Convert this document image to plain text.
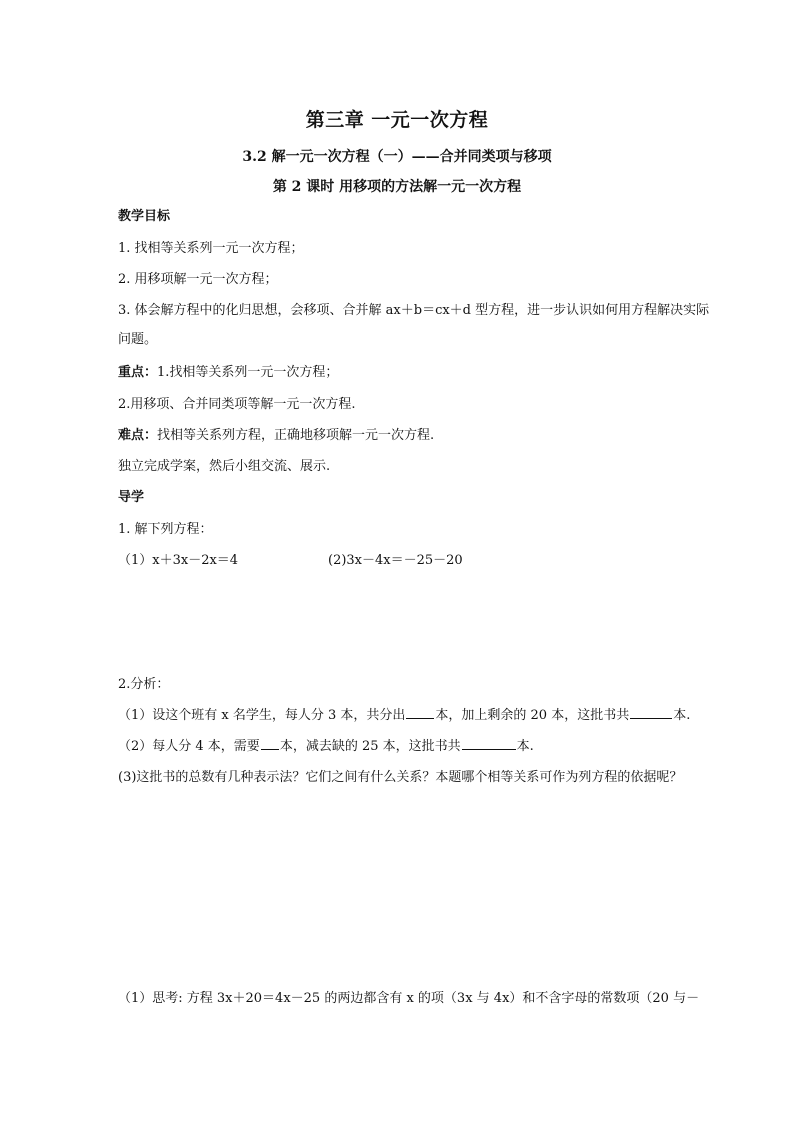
第三章 一元一次方程
3.2 解一元一次方程（一）——合并同类项与移项
第 2 课时 用移项的方法解一元一次方程
教学目标
1. 找相等关系列一元一次方程；
2. 用移项解一元一次方程；
3. 体会解方程中的化归思想，会移项、合并解 ax＋b＝cx＋d 型方程，进一步认识如何用方程解决实际问题。
重点：1.找相等关系列一元一次方程；
2.用移项、合并同类项等解一元一次方程.
难点：找相等关系列方程，正确地移项解一元一次方程.
独立完成学案，然后小组交流、展示.
导学
1. 解下列方程：
（1）x＋3x－2x＝4	(2)3x－4x＝－25－20
2.分析：
（1）设这个班有 x 名学生，每人分 3 本，共分出 本，加上剩余的 20 本，这批书共	本.
（2）每人分 4 本，需要 本，减去缺的 25 本，这批书共	本.
(3)这批书的总数有几种表示法？它们之间有什么关系？本题哪个相等关系可作为列方程的依据呢？
（1）思考: 方程 3x＋20＝4x－25 的两边都含有 x 的项（3x 与 4x）和不含字母的常数项（20 与－
